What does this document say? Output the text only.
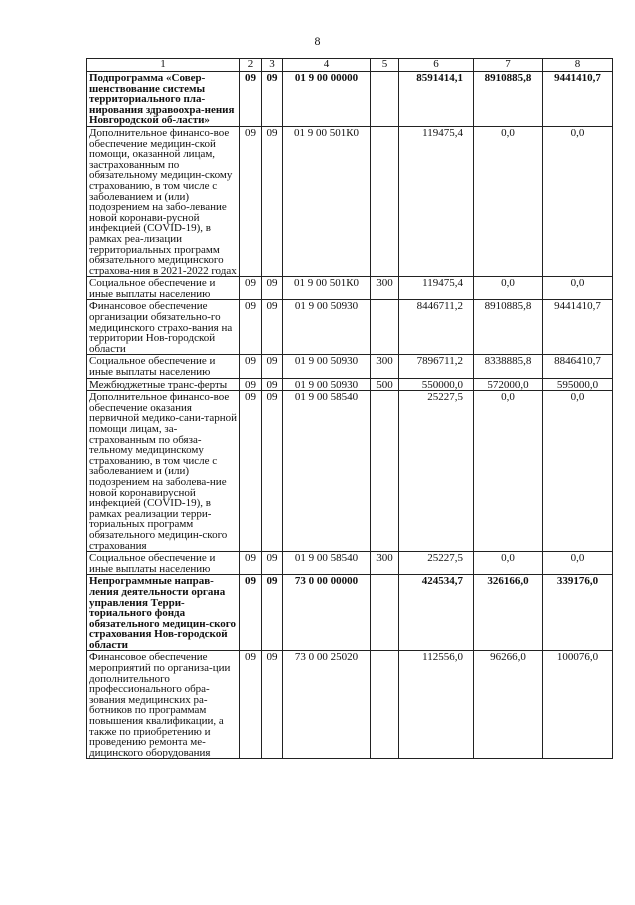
8
1	2	3	4	5	6	7	8
Подпрограмма «Совер-шенствование системы территориального пла-нирования здравоохра-нения Новгородской об-ласти»	09	09	01 9 00 00000		8591414,1	8910885,8	9441410,7
Дополнительное финансо-вое обеспечение медицин-ской помощи, оказанной лицам, застрахованным по обязательному медицин-скому страхованию, в том числе с заболеванием и (или) подозрением на забо-левание новой коронави-русной инфекцией (COVID-19), в рамках реа-лизации территориальных программ обязательного медицинского страхова-ния в 2021-2022 годах	09	09	01 9 00 501К0		119475,4	0,0	0,0
Социальное обеспечение и иные выплаты населению	09	09	01 9 00 501К0	300	119475,4	0,0	0,0
Финансовое обеспечение организации обязательно-го медицинского страхо-вания на территории Нов-городской области	09	09	01 9 00 50930		8446711,2	8910885,8	9441410,7
Социальное обеспечение и иные выплаты населению	09	09	01 9 00 50930	300	7896711,2	8338885,8	8846410,7
Межбюджетные транс-ферты	09	09	01 9 00 50930	500	550000,0	572000,0	595000,0
Дополнительное финансо-вое обеспечение оказания первичной медико-сани-тарной помощи лицам, за-страхованным по обяза-тельному медицинскому страхованию, в том числе с заболеванием и (или) подозрением на заболева-ние новой коронавирусной инфекцией (COVID-19), в рамках реализации терри-ториальных программ обязательного медицин-ского страхования	09	09	01 9 00 58540		25227,5	0,0	0,0
Социальное обеспечение и иные выплаты населению	09	09	01 9 00 58540	300	25227,5	0,0	0,0
Непрограммные направ-ления деятельности органа управления Терри-ториального фонда обязательного медицин-ского страхования Нов-городской области	09	09	73 0 00 00000		424534,7	326166,0	339176,0
Финансовое обеспечение мероприятий по организа-ции дополнительного профессионального обра-зования медицинских ра-ботников по программам повышения квалификации, а также по приобретению и проведению ремонта ме-дицинского оборудования	09	09	73 0 00 25020		112556,0	96266,0	100076,0
